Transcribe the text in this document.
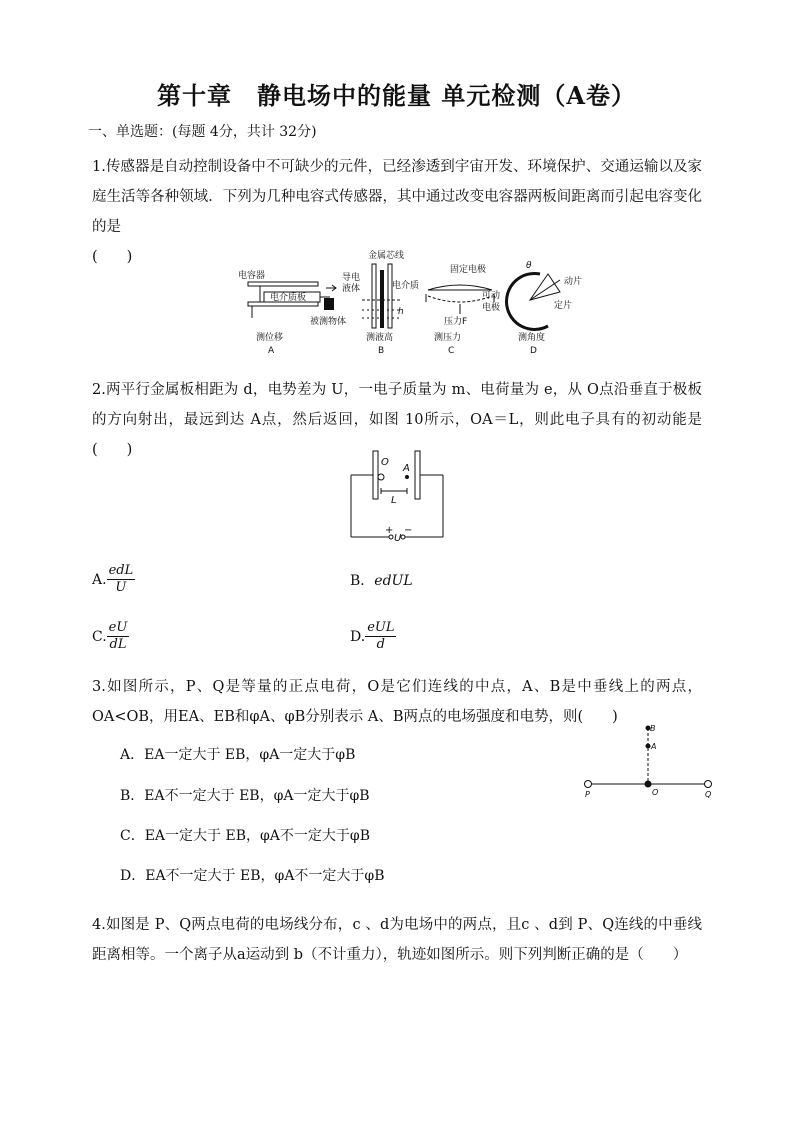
第十章　静电场中的能量 单元检测（A卷）
一、单选题：(每题 4分，共计 32分)
1.传感器是自动控制设备中不可缺少的元件，已经渗透到宇宙开发、环境保护、交通运输以及家庭生活等各种领域．下列为几种电容式传感器，其中通过改变电容器两板间距离而引起电容变化的是
(　　)
电容器
电介质板
被测物体
测位移
A
金属芯线
导电
液体	电介质
h
测液高
B
固定电极
可动
电极
压力F
测压力
C
θ
动片
定片
测角度
D
2.两平行金属板相距为 d，电势差为 U，一电子质量为 m、电荷量为 e，从 O点沿垂直于极板的方向射出，最远到达 A点，然后返回，如图 10所示，OA＝L，则此电子具有的初动能是(　　)
O
A
L
+
U
−
A. $\frac{\text{edL}}{U}$	B．edUL
C. $\frac{eU}{dL}$	D. $\frac{\text{eUL}}{d}$
3.如图所示，P、Q是等量的正点电荷，O是它们连线的中点，A、B是中垂线上的两点，OA<OB，用EA、EB和φA、φB分别表示 A、B两点的电场强度和电势，则(　　)
A．EA一定大于 EB，φA一定大于φB
B．EA不一定大于 EB，φA一定大于φB
C．EA一定大于 EB，φA不一定大于φB
D．EA不一定大于 EB，φA不一定大于φB
B
A
O
P	Q
4.如图是 P、Q两点电荷的电场线分布，c 、d为电场中的两点，且c 、d到 P、Q连线的中垂线距离相等。一个离子从a运动到 b（不计重力），轨迹如图所示。则下列判断正确的是（　　）
